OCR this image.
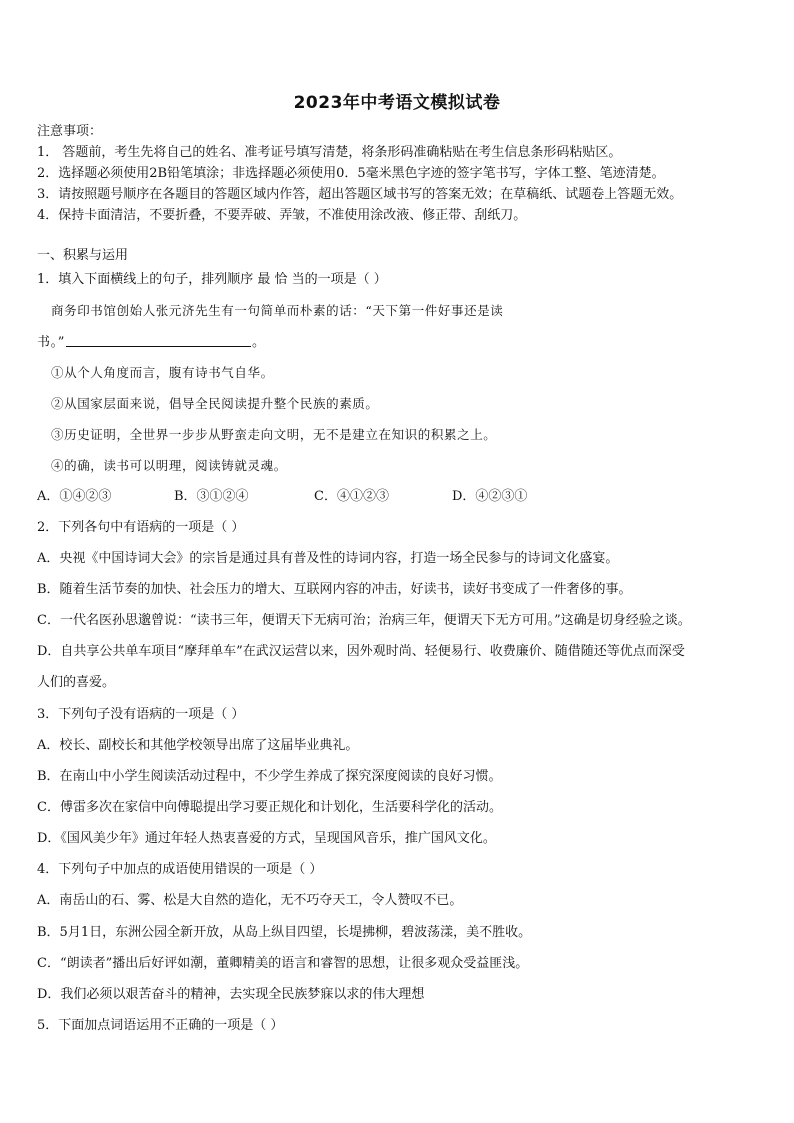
2023年中考语文模拟试卷
注意事项：
1． 答题前，考生先将自己的姓名、准考证号填写清楚，将条形码准确粘贴在考生信息条形码粘贴区。
2．选择题必须使用2B铅笔填涂；非选择题必须使用0．5毫米黑色字迹的签字笔书写，字体工整、笔迹清楚。
3．请按照题号顺序在各题目的答题区域内作答，超出答题区域书写的答案无效；在草稿纸、试题卷上答题无效。
4．保持卡面清洁，不要折叠，不要弄破、弄皱，不准使用涂改液、修正带、刮纸刀。
一、积累与运用
1．填入下面横线上的句子，排列顺序 最 恰 当的一项是（ ）
商务印书馆创始人张元济先生有一句简单而朴素的话：“天下第一件好事还是读
书。”	。
①从个人角度而言，腹有诗书气自华。
②从国家层面来说，倡导全民阅读提升整个民族的素质。
③历史证明，全世界一步步从野蛮走向文明，无不是建立在知识的积累之上。
④的确，读书可以明理，阅读铸就灵魂。
A．①④②③	B．③①②④	C．④①②③	D．④②③①
2．下列各句中有语病的一项是（ ）
A．央视《中国诗词大会》的宗旨是通过具有普及性的诗词内容，打造一场全民参与的诗词文化盛宴。
B．随着生活节奏的加快、社会压力的增大、互联网内容的冲击，好读书，读好书变成了一件奢侈的事。
C．一代名医孙思邈曾说：“读书三年，便谓天下无病可治；治病三年，便谓天下无方可用。”这确是切身经验之谈。
D．自共享公共单车项目“摩拜单车”在武汉运营以来，因外观时尚、轻便易行、收费廉价、随借随还等优点而深受
人们的喜爱。
3．下列句子没有语病的一项是（ ）
A．校长、副校长和其他学校领导出席了这届毕业典礼。
B．在南山中小学生阅读活动过程中，不少学生养成了探究深度阅读的良好习惯。
C．傅雷多次在家信中向傅聪提出学习要正规化和计划化，生活要科学化的活动。
D．《国风美少年》通过年轻人热衷喜爱的方式，呈现国风音乐，推广国风文化。
4．下列句子中加点的成语使用错误的一项是（ ）
A．南岳山的石、雾、松是大自然的造化，无不巧夺天工，令人赞叹不已。
B．5月1日，东洲公园全新开放，从岛上纵目四望，长堤拂柳，碧波荡漾，美不胜收。
C．“朗读者”播出后好评如潮，董卿精美的语言和睿智的思想，让很多观众受益匪浅。
D．我们必须以艰苦奋斗的精神，去实现全民族梦寐以求的伟大理想
5．下面加点词语运用不正确的一项是（ ）
